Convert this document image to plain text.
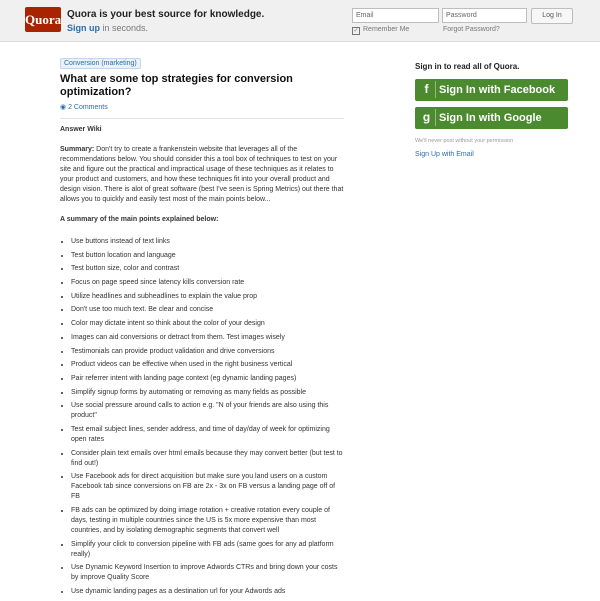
Quora Quora is your best source for knowledge.
Sign up in seconds.
Email	Password	Log In
✓ Remember Me	Forgot Password?
Conversion (marketing)
What are some top strategies for conversion optimization?
◉ 2 Comments
Answer Wiki
Summary: Don't try to create a frankenstein website that leverages all of the recommendations below. You should consider this a tool box of techniques to test on your site and figure out the practical and impractical usage of these techniques as it relates to your product and customers, and how these techniques fit into your overall product and design vision. There is alot of great software (best I've seen is Spring Metrics) out there that allows you to quickly and easily test most of the main points below...
A summary of the main points explained below:
• Use buttons instead of text links
• Test button location and language
• Test button size, color and contrast
• Focus on page speed since latency kills conversion rate
• Utilize headlines and subheadlines to explain the value prop
• Don't use too much text. Be clear and concise
• Color may dictate intent so think about the color of your design
• Images can aid conversions or detract from them. Test images wisely
• Testimonials can provide product validation and drive conversions
• Product videos can be effective when used in the right business vertical
• Pair referrer intent with landing page context (eg dynamic landing pages)
• Simplify signup forms by automating or removing as many fields as possible
• Use social pressure around calls to action e.g. "N of your friends are also using this product"
• Test email subject lines, sender address, and time of day/day of week for optimizing open rates
• Consider plain text emails over html emails because they may convert better (but test to find out!)
• Use Facebook ads for direct acquisition but make sure you land users on a custom Facebook tab since conversions on FB are 2x - 3x on FB versus a landing page off of FB
• FB ads can be optimized by doing image rotation + creative rotation every couple of days, testing in multiple countries since the US is 5x more expensive than most countries, and by isolating demographic segments that convert well
• Simplify your click to conversion pipeline with FB ads (same goes for any ad platform really)
• Use Dynamic Keyword Insertion to improve Adwords CTRs and bring down your costs by improve Quality Score
• Use dynamic landing pages as a destination url for your Adwords ads
Sign in to read all of Quora.
f Sign In with Facebook
g Sign In with Google
We'll never post without your permission
Sign Up with Email
